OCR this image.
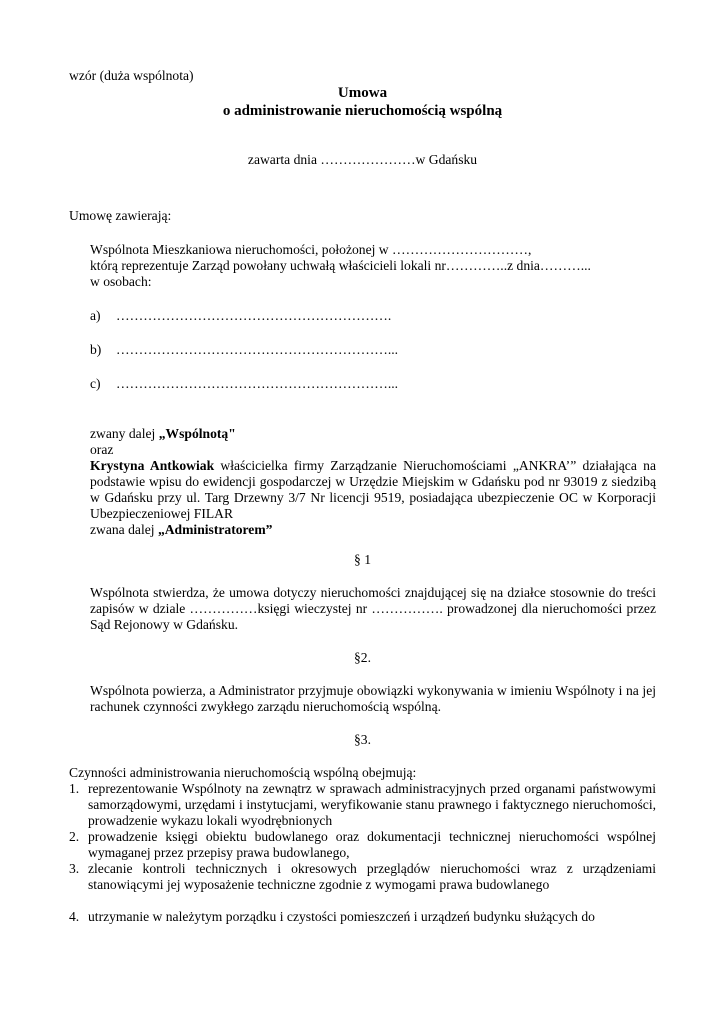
wzór (duża wspólnota)

Umowa

o administrowanie nieruchomością wspólną

zawarta dnia …………………w Gdańsku

Umowę zawierają:

Wspólnota Mieszkaniowa nieruchomości, położonej w …………………………,

którą reprezentuje Zarząd powołany uchwałą właścicieli lokali nr…………..z dnia………...

w osobach:

a)	…………………………………………………….
b)	……………………………………………………...
c)	……………………………………………………...

zwany dalej „Wspólnotą"

oraz

Krystyna Antkowiak właścicielka firmy Zarządzanie Nieruchomościami „ANKRA’” działająca na podstawie wpisu do ewidencji gospodarczej w Urzędzie Miejskim w Gdańsku pod nr 93019 z siedzibą w Gdańsku przy ul. Targ Drzewny 3/7 Nr licencji 9519, posiadająca ubezpieczenie OC w Korporacji Ubezpieczeniowej FILAR

zwana dalej „Administratorem”

§ 1

Wspólnota stwierdza, że umowa dotyczy nieruchomości znajdującej się na działce stosownie do treści zapisów w dziale ……………księgi wieczystej nr ……………. prowadzonej dla nieruchomości przez Sąd Rejonowy w Gdańsku.

§2.

Wspólnota powierza, a Administrator przyjmuje obowiązki wykonywania w imieniu Wspólnoty i na jej rachunek czynności zwykłego zarządu nieruchomością wspólną.

§3.

Czynności administrowania nieruchomością wspólną obejmują:

1. reprezentowanie Wspólnoty na zewnątrz w sprawach administracyjnych przed organami państwowymi samorządowymi, urzędami i instytucjami, weryfikowanie stanu prawnego i faktycznego nieruchomości, prowadzenie wykazu lokali wyodrębnionych
2. prowadzenie księgi obiektu budowlanego oraz dokumentacji technicznej nieruchomości wspólnej wymaganej przez przepisy prawa budowlanego,
3. zlecanie kontroli technicznych i okresowych przeglądów nieruchomości wraz z urządzeniami stanowiącymi jej wyposażenie techniczne zgodnie z wymogami prawa budowlanego
4. utrzymanie w należytym porządku i czystości pomieszczeń i urządzeń budynku służących do
